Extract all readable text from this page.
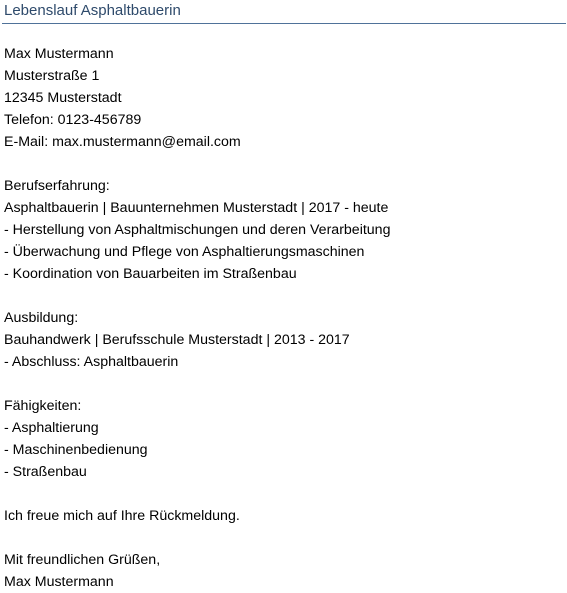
Lebenslauf Asphaltbauerin
Max Mustermann
Musterstraße 1
12345 Musterstadt
Telefon: 0123-456789
E-Mail: max.mustermann@email.com
Berufserfahrung:
Asphaltbauerin | Bauunternehmen Musterstadt | 2017 - heute
- Herstellung von Asphaltmischungen und deren Verarbeitung
- Überwachung und Pflege von Asphaltierungsmaschinen
- Koordination von Bauarbeiten im Straßenbau
Ausbildung:
Bauhandwerk | Berufsschule Musterstadt | 2013 - 2017
- Abschluss: Asphaltbauerin
Fähigkeiten:
- Asphaltierung
- Maschinenbedienung
- Straßenbau
Ich freue mich auf Ihre Rückmeldung.
Mit freundlichen Grüßen,
Max Mustermann
